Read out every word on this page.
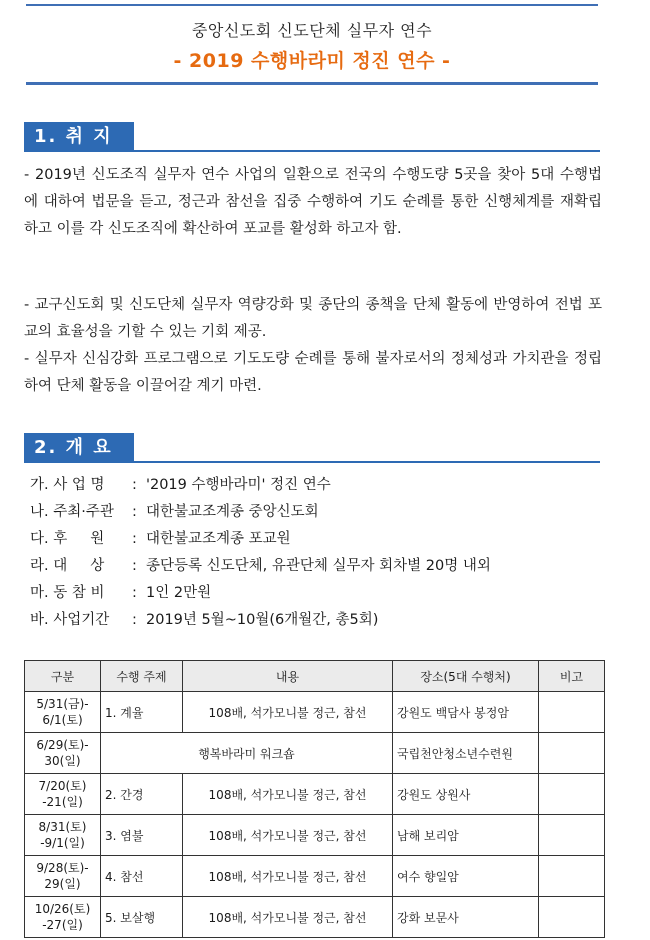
중앙신도회 신도단체 실무자 연수
- 2019 수행바라미 정진 연수 -
1. 취 지

- 2019년 신도조직 실무자 연수 사업의 일환으로 전국의 수행도량 5곳을 찾아 5대 수행법에 대하여 법문을 듣고, 정근과 참선을 집중 수행하여 기도 순례를 통한 신행체계를 재확립하고 이를 각 신도조직에 확산하여 포교를 활성화 하고자 함.

- 교구신도회 및 신도단체 실무자 역량강화 및 종단의 종책을 단체 활동에 반영하여 전법 포교의 효율성을 기할 수 있는 기회 제공.

- 실무자 신심강화 프로그램으로 기도도량 순례를 통해 불자로서의 정체성과 가치관을 정립하여 단체 활동을 이끌어갈 계기 마련.

2. 개 요
가. 사 업 명	: '2019 수행바라미' 정진 연수
나. 주최·주관	: 대한불교조계종 중앙신도회
다. 후     원	: 대한불교조계종 포교원
라. 대     상	: 종단등록 신도단체, 유관단체 실무자 회차별 20명 내외
마. 동 참 비	: 1인 2만원
바. 사업기간	: 2019년 5월~10월(6개월간, 총5회)
구분	수행 주제	내용	장소(5대 수행처)	비고

5/31(금)-
6/1(토)	1. 계율	108배, 석가모니불 정근, 참선	강원도 백담사 봉정암	

6/29(토)-
30(일)	행복바라미 워크숍		국립천안청소년수련원	

7/20(토)
-21(일)	2. 간경	108배, 석가모니불 정근, 참선	강원도 상원사	

8/31(토)
-9/1(일)	3. 염불	108배, 석가모니불 정근, 참선	남해 보리암	

9/28(토)-
29(일)	4. 참선	108배, 석가모니불 정근, 참선	여수 향일암	

10/26(토)
-27(일)	5. 보살행	108배, 석가모니불 정근, 참선	강화 보문사	
